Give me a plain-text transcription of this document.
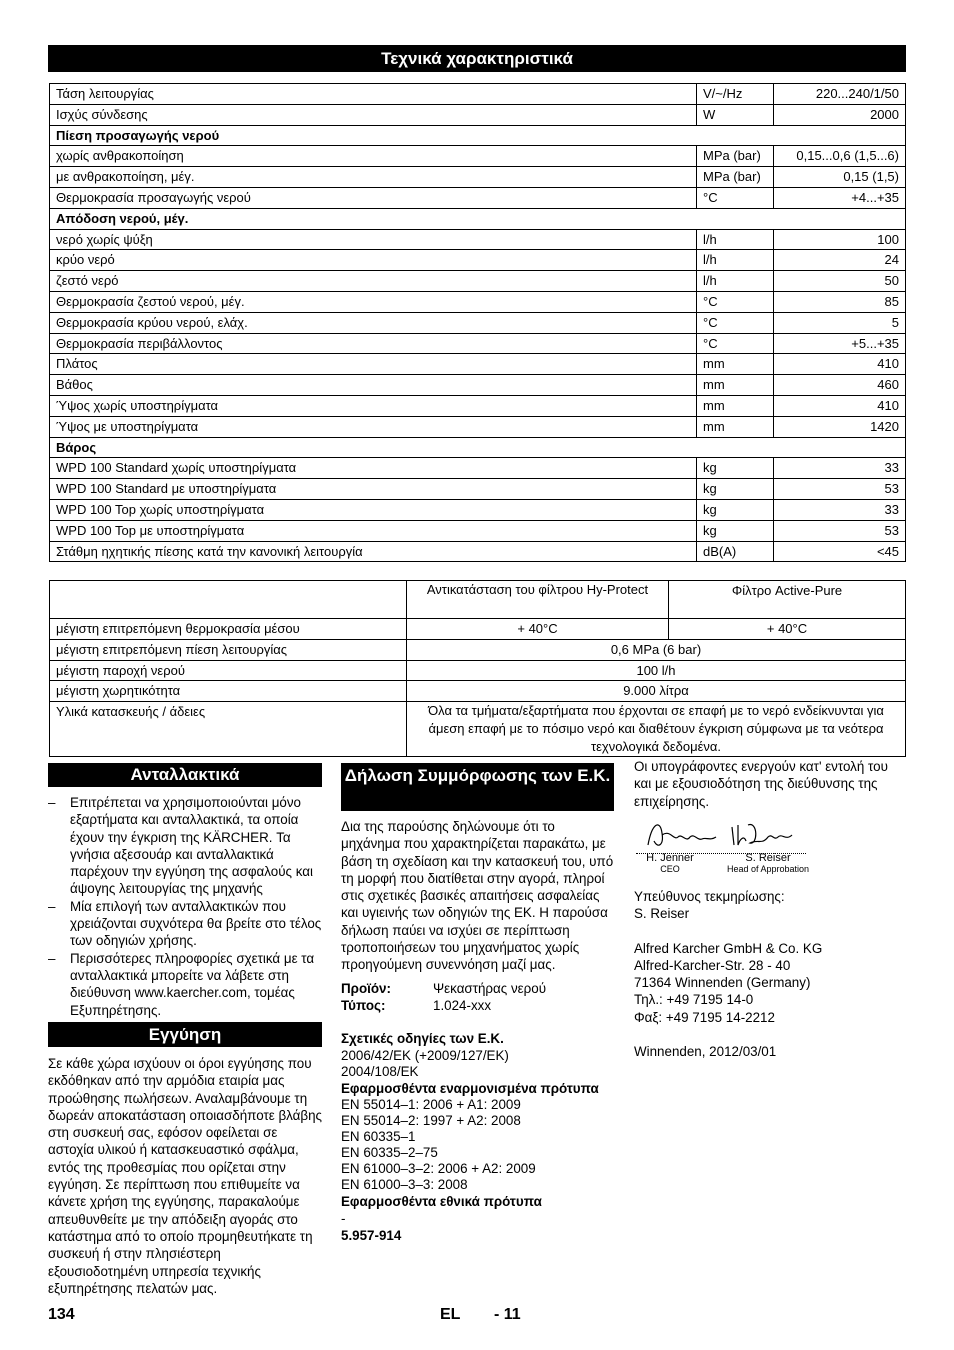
Τεχνικά χαρακτηριστικά
Τάση λειτουργίας	V/~/Hz	220...240/1/50
Ισχύς σύνδεσης	W	2000
Πίεση προσαγωγής νερού		
χωρίς ανθρακοποίηση	MPa (bar)	0,15...0,6 (1,5...6)
με ανθρακοποίηση, μέγ.	MPa (bar)	0,15 (1,5)
Θερμοκρασία προσαγωγής νερού	°C	+4...+35
Απόδοση νερού, μέγ.		
νερό χωρίς ψύξη	l/h	100
κρύο νερό	l/h	24
ζεστό νερό	l/h	50
Θερμοκρασία ζεστού νερού, μέγ.	°C	85
Θερμοκρασία κρύου νερού, ελάχ.	°C	5
Θερμοκρασία περιβάλλοντος	°C	+5...+35
Πλάτος	mm	410
Βάθος	mm	460
Ύψος χωρίς υποστηρίγματα	mm	410
Ύψος με υποστηρίγματα	mm	1420
Βάρος		
WPD 100 Standard χωρίς υποστηρίγματα	kg	33
WPD 100 Standard με υποστηρίγματα	kg	53
WPD 100 Top χωρίς υποστηρίγματα	kg	33
WPD 100 Top με υποστηρίγματα	kg	53
Στάθμη ηχητικής πίεσης κατά την κανονική λειτουργία	dB(A)	<45
	Αντικατάσταση του φίλτρου Hy-Protect	Φίλτρο Active-Pure
μέγιστη επιτρεπόμενη θερμοκρασία μέσου	+ 40°C	+ 40°C
μέγιστη επιτρεπόμενη πίεση λειτουργίας	0,6 MPa (6 bar)	
μέγιστη παροχή νερού	100 l/h	
μέγιστη χωρητικότητα	9.000 λίτρα	
Υλικά κατασκευής / άδειες	Όλα τα τμήματα/εξαρτήματα που έρχονται σε επαφή με το νερό ενδείκνυνται για άμεση επαφή με το πόσιμο νερό και διαθέτουν έγκριση σύμφωνα με τα νεότερα τεχνολογικά δεδομένα.	
Ανταλλακτικά
– Επιτρέπεται να χρησιμοποιούνται μόνο εξαρτήματα και ανταλλακτικά, τα οποία έχουν την έγκριση της KÄRCHER. Τα γνήσια αξεσουάρ και ανταλλακτικά παρέχουν την εγγύηση της ασφαλούς και άψογης λειτουργίας της μηχανής
– Μία επιλογή των ανταλλακτικών που χρειάζονται συχνότερα θα βρείτε στο τέλος των οδηγιών χρήσης.
– Περισσότερες πληροφορίες σχετικά με τα ανταλλακτικά μπορείτε να λάβετε στη διεύθυνση www.kaercher.com, τομέας Εξυπηρέτησης.
Εγγύηση
Σε κάθε χώρα ισχύουν οι όροι εγγύησης που εκδόθηκαν από την αρμόδια εταιρία μας προώθησης πωλήσεων. Αναλαμβάνουμε τη δωρεάν αποκατάσταση οποιασδήποτε βλάβης στη συσκευή σας, εφόσον οφείλεται σε αστοχία υλικού ή κατασκευαστικό σφάλμα, εντός της προθεσμίας που ορίζεται στην εγγύηση. Σε περίπτωση που επιθυμείτε να κάνετε χρήση της εγγύησης, παρακαλούμε απευθυνθείτε με την απόδειξη αγοράς στο κατάστημα από το οποίο προμηθευτήκατε τη συσκευή ή στην πλησιέστερη εξουσιοδοτημένη υπηρεσία τεχνικής εξυπηρέτησης πελατών μας.
Δήλωση Συμμόρφωσης των Ε.Κ.

Δια της παρούσης δηλώνουμε ότι το μηχάνημα που χαρακτηρίζεται παρακάτω, με βάση τη σχεδίαση και την κατασκευή του, υπό τη μορφή που διατίθεται στην αγορά, πληροί στις σχετικές βασικές απαιτήσεις ασφαλείας και υγιεινής των οδηγιών της ΕΚ. Η παρούσα δήλωση παύει να ισχύει σε περίπτωση τροποποιήσεων του μηχανήματος χωρίς προηγούμενη συνεννόηση μαζί μας.

Προϊόν:	Ψεκαστήρας νερού

Τύπος:	1.024-xxx

Σχετικές οδηγίες των Ε.Κ.

2006/42/ΕΚ (+2009/127/ΕΚ)

2004/108/ΕΚ

Εφαρμοσθέντα εναρμονισμένα πρότυπα

EN 55014–1: 2006 + A1: 2009

EN 55014–2: 1997 + A2: 2008

EN 60335–1

EN 60335–2–75

EN 61000–3–2: 2006 + A2: 2009

EN 61000–3–3: 2008

Εφαρμοσθέντα εθνικά πρότυπα

-

5.957-914

Οι υπογράφοντες ενεργούν κατ' εντολή του και με εξουσιοδότηση της διεύθυνσης της επιχείρησης.
H. Jenner
CEO
S. Reiser
Head of Approbation

Υπεύθυνος τεκμηρίωσης:

S. Reiser

Alfred Karcher GmbH & Co. KG

Alfred-Karcher-Str. 28 - 40

71364 Winnenden (Germany)

Τηλ.: +49 7195 14-0

Φαξ: +49 7195 14-2212

Winnenden, 2012/03/01

134	EL - 11
